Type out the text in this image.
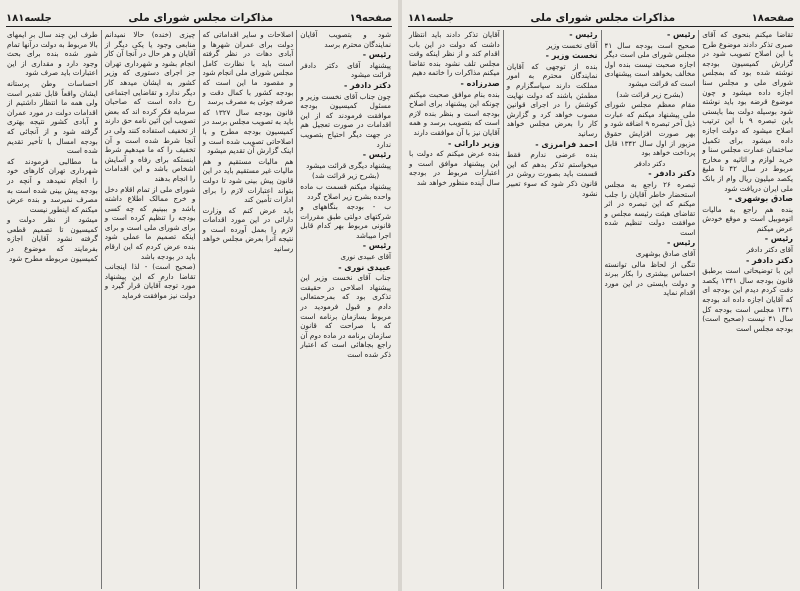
صفحه۱۹
مذاکرات مجلس شورای ملی
جلسه۱۸۱

شود و بتصویب آقایان نمایندگان محترم برسد

رئیس -

پیشنهاد آقای دکتر دادفر قرائت میشود

دکتر دادفر -

چون جناب آقای نخست وزیر و مسئول کمیسیون بودجه موافقت فرمودند که از این اقدامات در صورت تعجیل هم در جهت دیگر احتیاج بتصویب ندارد

رئیس -

پیشنهاد دیگری قرائت میشود

(بشرح زیر قرائت شد)

پیشنهاد میکنم قسمت ب ماده واحده بشرح زیر اصلاح گردد

ب - بودجه بنگاههای و شرکتهای دولتی طبق مقررات قانونی مربوط بهر کدام قابل اجرا میباشد

رئیس -

آقای عبیدی نوری

عبیدی نوری -

جناب آقای نخست وزیر این پیشنهاد اصلاحی در حقیقت تذکری بود که بمرحمتعالی دادم و قبول فرمودید در مربوط بسازمان برنامه است که با صراحت که قانون سازمان برنامه در ماده دوم آن راجع بجاهائی است که اعتبار ذکر شده است

اصلاحات و سایر اقداماتی که دولت برای عمران شهرها و آبادی دهات در نظر گرفته است باید با نظارت کامل مجلس شورای ملی انجام شود و مقصود ما این است که بودجه کشور با کمال دقت و صرفه جوئی به مصرف برسد

قانون بودجه سال ۱۳۲۷ که باید به تصویب مجلس برسد در کمیسیون بودجه مطرح و با اصلاحاتی تصویب شده است و اینک گزارش آن تقدیم میشود

هم مالیات مستقیم و هم مالیات غیر مستقیم باید در این قانون پیش بینی شود تا دولت بتواند اعتبارات لازم را برای ادارات تأمین کند

باید عرض کنم که وزارت دارائی در این مورد اقدامات لازم را بعمل آورده است و نتیجه آنرا بعرض مجلس خواهد رسانید

چیزی (خنده) حالا نمیدانم منابعی وجود یا یکی دیگر از آقایان و هر حال در آنجا آن کار انجام بشود و شهرداری تهران جز اجرای دستوری که وزیر کشور به ایشان میدهد کار دیگر ندارد و تقاضایی اجتماعی رخ داده است که صاحبان سرمایه فکر کرده اند که بعض تصویب این آئین نامه حق دارند از تخفیف استفاده کنند ولی در آنجا شرط شده است و آن تخفیف را که ما میدهیم شرط اینستکه برای رفاه و آسایش اشخاص باشد و این اقدامات را انجام بدهند

شورای ملی از تمام اقلام دخل و خرج ممالک اطلاع داشته باشد و ببینیم که چه کسی بودجه را تنظیم کرده است و برای شورای ملی است و برای اینکه تصمیم ما عملی شود بنده عرض کردم که این ارقام باید در بودجه باشد

(صحیح است) - لذا اینجانب تقاضا دارم که این پیشنهاد مورد توجه آقایان قرار گیرد و دولت نیز موافقت فرماید

طرف این چند سال بر ایمهای بالا مربوط به دولت درآنها تمام شور شده بنده برای بحث وجود دارد و مقداری از این اعتبارات باید صرف شود

احساسات وطن پرستانه ایشان واقعاً قابل تقدیر است ولی همه ما انتظار داشتیم از اقدامات دولت در مورد عمران و آبادی کشور نتیجه بهتری گرفته شود و از آنجائی که بودجه امسال با تأخیر تقدیم شده است

ما مطالبی فرمودند که شهرداری تهران کارهای خود را انجام نمیدهد و آنچه در بودجه پیش بینی شده است به مصرف نمیرسد و بنده عرض میکنم که اینطور نیست

میشود از نظر دولت و کمیسیون تا تصمیم قطعی گرفته نشود آقایان اجازه بفرمایند که موضوع در کمیسیون مربوطه مطرح شود

صفحه۱۸
مذاکرات مجلس شورای ملی
جلسه۱۸۱

تقاضا میکنم بنحوی که آقای صبری تذکر دادند موضوع طرح با این اصلاح تصویب شود در گزارش کمیسیون بودجه نوشته شده بود که بمجلس شورای ملی و مجلس سنا اجازه داده میشود و چون موضوع قرضه بود باید نوشته شود بوسیله دولت بما بایستی باین تبصره ۹ با این ترتیب اصلاح میشود که دولت اجازه داده میشود برای تکمیل ساختمان عمارت مجلس سنا و خرید لوازم و اثاثیه و مخارج مربوط در سال ۴۲ تا ملیغ یکصد میلیون ریال وام از بانک ملی ایران دریافت شود

صادق بوشهری -

بنده هم راجع به مالیات اتوموبیل است و موقع خودش عرض میکنم

رئیس -

آقای دکتر دادفر

دکتر دادفر -

این با توضیحاتی است برطبق قانون بودجه سال ۱۳۴۱ یکصد دفت کردم دیدم این بودجه ای که آقایان اجازه داده اند بودجه ۱۳۴۱ مجلس است بودجه کل سال ۴۱ نیست (صحیح است) بودجه مجلس است

رئیس -

صحیح است بودجه سال ۴۱ مجلس شورای ملی است دیگر اجازه صحبت نیست بنده اول مخالف بخواهد است پیشنهادی است که قرائت میشود

(بشرح زیر قرائت شد)

مقام معظم مجلس شورای ملی پیشنهاد میکنم که عبارت ذیل آخر تبصره ۹ اضافه شود و بهر صورت افزایش حقوق مزبور از اول سال ۱۳۴۲ قابل پرداخت خواهد بود

دکتر دادفر

دکتر دادفر -

تبصره ۲۶ راجع به مجلس استحضار خاطر آقایان را جلب میکنم که این تبصره در اثر تقاضای هیئت رئیسه مجلس و موافقت دولت تنظیم شده است

رئیس -

آقای صادق بوشهری

تنگی از لحاظ مالی توانسته احساس بیشتری را بکار ببرند و دولت بایستی در این مورد اقدام نماید

رئیس -

آقای نخست وزیر

نخست وزیر -

بنده از توجهی که آقایان نمایندگان محترم به امور مملکت دارند سپاسگزارم و مطمئن باشند که دولت نهایت کوشش را در اجرای قوانین مصوب خواهد کرد و گزارش کار را بعرض مجلس خواهد رسانید

احمد فرامرزی -

بنده عرضی ندارم فقط میخواستم تذکر بدهم که این قسمت باید بصورت روشن در قانون ذکر شود که سوء تعبیر نشود

آقایان تذکر دادند باید انتظار داشت که دولت در این باب اقدام کند و از نظر اینکه وقت مجلس تلف نشود بنده تقاضا میکنم مذاکرات را خاتمه دهیم

صدرزاده -

بنده بنام موافق صحبت میکنم چونکه این پیشنهاد برای اصلاح بودجه است و بنظر بنده لازم است که بتصویب برسد و همه آقایان نیز با آن موافقت دارند

وزیر دارائی -

بنده عرض میکنم که دولت با این پیشنهاد موافق است و اعتبارات مربوط در بودجه سال آینده منظور خواهد شد
